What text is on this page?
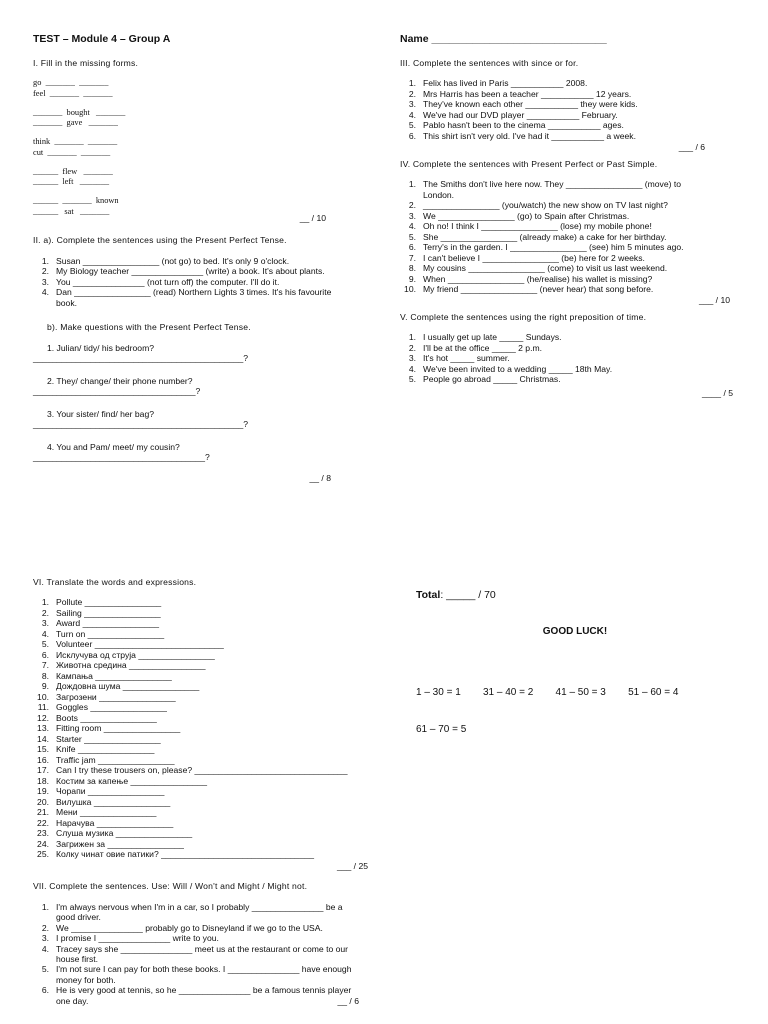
TEST – Module 4 – Group A
I. Fill in the missing forms.
go  _______  _______
feel  _______  _______
_______  bought   _______
_______  gave   _______
think  _______  _______
cut  _______  _______
______  flew   _______
______  left   _______
______  _______  known
______   sat   _______
__ / 10
II. a). Complete the sentences using the Present Perfect Tense.
1. Susan ________________ (not go) to bed. It's only 9 o'clock.
2. My Biology teacher _______________ (write) a book. It's about plants.
3. You _______________ (not turn off) the computer. I'll do it.
4. Dan ________________ (read) Northern Lights 3 times. It's his favourite book.
b). Make questions with the Present Perfect Tense.
1. Julian/ tidy/ his bedroom?
____________________________________________?
2. They/ change/ their phone number?
__________________________________?
3. Your sister/ find/ her bag?
____________________________________________?
4. You and Pam/ meet/ my cousin?
____________________________________?
__ / 8
Name ______________________________
III. Complete the sentences with since or for.
1. Felix has lived in Paris ___________ 2008.
2. Mrs Harris has been a teacher ___________ 12 years.
3. They've known each other ___________ they were kids.
4. We've had our DVD player ___________ February.
5. Pablo hasn't been to the cinema ___________ ages.
6. This shirt isn't very old. I've had it ___________ a week.
___ / 6
IV. Complete the sentences with Present Perfect or Past Simple.
1. The Smiths don't live here now. They ________________ (move) to London.
2. ________________ (you/watch) the new show on TV last night?
3. We ________________ (go) to Spain after Christmas.
4. Oh no! I think I ________________ (lose) my mobile phone!
5. She ________________ (already make) a cake for her birthday.
6. Terry's in the garden. I ________________ (see) him 5 minutes ago.
7. I can't believe I ________________ (be) here for 2 weeks.
8. My cousins ________________ (come) to visit us last weekend.
9. When ________________ (he/realise) his wallet is missing?
10. My friend ________________ (never hear) that song before.
___ / 10
V. Complete the sentences using the right preposition of time.
1. I usually get up late _____ Sundays.
2. I'll be at the office _____ 2 p.m.
3. It's hot _____ summer.
4. We've been invited to a wedding _____ 18th May.
5. People go abroad _____ Christmas.
____ / 5
VI. Translate the words and expressions.
1. Pollute ________________
2. Sailing ________________
3. Award ________________
4. Turn on ________________
5. Volunteer ___________________________
6. Исклучува од струја ________________
7. Животна средина ________________
8. Кампања ________________
9. Дождовна шума ________________
10. Загрозени ________________
11. Goggles ________________
12. Boots ________________
13. Fitting room ________________
14. Starter ________________
15. Knife ________________
16. Traffic jam ________________
17. Can I try these trousers on, please? ________________________________
18. Костим за капење ________________
19. Чорапи ________________
20. Вилушка ________________
21. Мени ________________
22. Нарачува ________________
23. Слуша музика ________________
24. Загрижен за ________________
25. Колку чинат овие патики? ________________________________
___ / 25
VII. Complete the sentences. Use: Will / Won't and Might / Might not.
1. I'm always nervous when I'm in a car, so I probably _______________ be a good driver.
2. We _______________ probably go to Disneyland if we go to the USA.
3. I promise I _______________ write to you.
4. Tracey says she _______________ meet us at the restaurant or come to our house first.
5. I'm not sure I can pay for both these books. I _______________ have enough money for both.
6. He is very good at tennis, so he _______________ be a famous tennis player one day.	__ / 6
Total: _____ / 70
GOOD LUCK!

1 – 30 = 1        31 – 40 = 2        41 – 50 = 3        51 – 60 = 4

61 – 70 = 5
